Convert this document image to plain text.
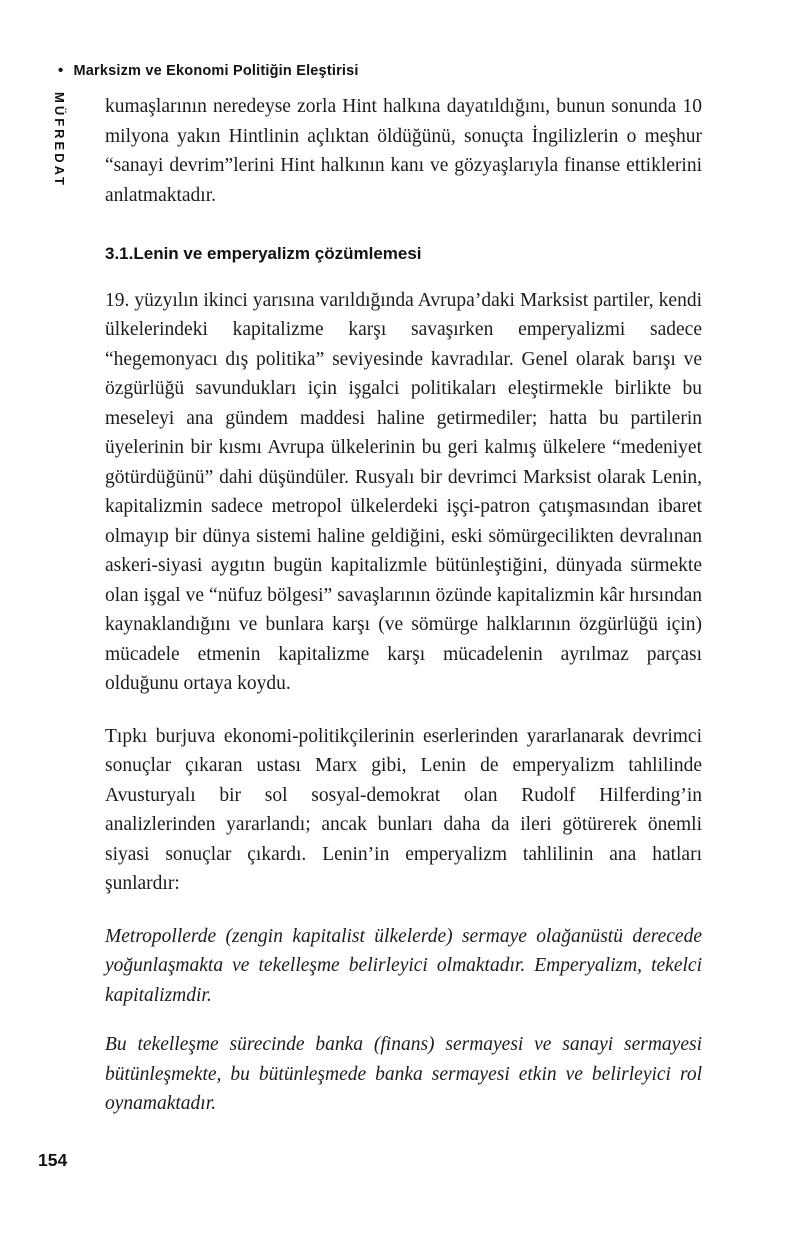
• Marksizm ve Ekonomi Politiğin Eleştirisi
MÜFREDAT kumaşlarının neredeyse zorla Hint halkına dayatıldığını, bunun sonunda 10 milyona yakın Hintlinin açlıktan öldüğünü, sonuçta İngilizlerin o meşhur “sanayi devrim”lerini Hint halkının kanı ve gözyaşlarıyla finanse ettiklerini anlatmaktadır.

3.1.Lenin ve emperyalizm çözümlemesi

19. yüzyılın ikinci yarısına varıldığında Avrupa’daki Marksist partiler, kendi ülkelerindeki kapitalizme karşı savaşırken emperyalizmi sadece “hegemonyacı dış politika” seviyesinde kavradılar. Genel olarak barışı ve özgürlüğü savundukları için işgalci politikaları eleştirmekle birlikte bu meseleyi ana gündem maddesi haline getirmediler; hatta bu partilerin üyelerinin bir kısmı Avrupa ülkelerinin bu geri kalmış ülkelere “medeniyet götürdüğünü” dahi düşündüler. Rusyalı bir devrimci Marksist olarak Lenin, kapitalizmin sadece metropol ülkelerdeki işçi-patron çatışmasından ibaret olmayıp bir dünya sistemi haline geldiğini, eski sömürgecilikten devralınan askeri-siyasi aygıtın bugün kapitalizmle bütünleştiğini, dünyada sürmekte olan işgal ve “nüfuz bölgesi” savaşlarının özünde kapitalizmin kâr hırsından kaynaklandığını ve bunlara karşı (ve sömürge halklarının özgürlüğü için) mücadele etmenin kapitalizme karşı mücadelenin ayrılmaz parçası olduğunu ortaya koydu.

Tıpkı burjuva ekonomi-politikçilerinin eserlerinden yararlanarak devrimci sonuçlar çıkaran ustası Marx gibi, Lenin de emperyalizm tahlilinde Avusturyalı bir sol sosyal-demokrat olan Rudolf Hilferding’in analizlerinden yararlandı; ancak bunları daha da ileri götürerek önemli siyasi sonuçlar çıkardı. Lenin’in emperyalizm tahlilinin ana hatları şunlardır:

Metropollerde (zengin kapitalist ülkelerde) sermaye olağanüstü derecede yoğunlaşmakta ve tekelleşme belirleyici olmaktadır. Emperyalizm, tekelci kapitalizmdir.

Bu tekelleşme sürecinde banka (finans) sermayesi ve sanayi sermayesi bütünleşmekte, bu bütünleşmede banka sermayesi etkin ve belirleyici rol oynamaktadır.

154
